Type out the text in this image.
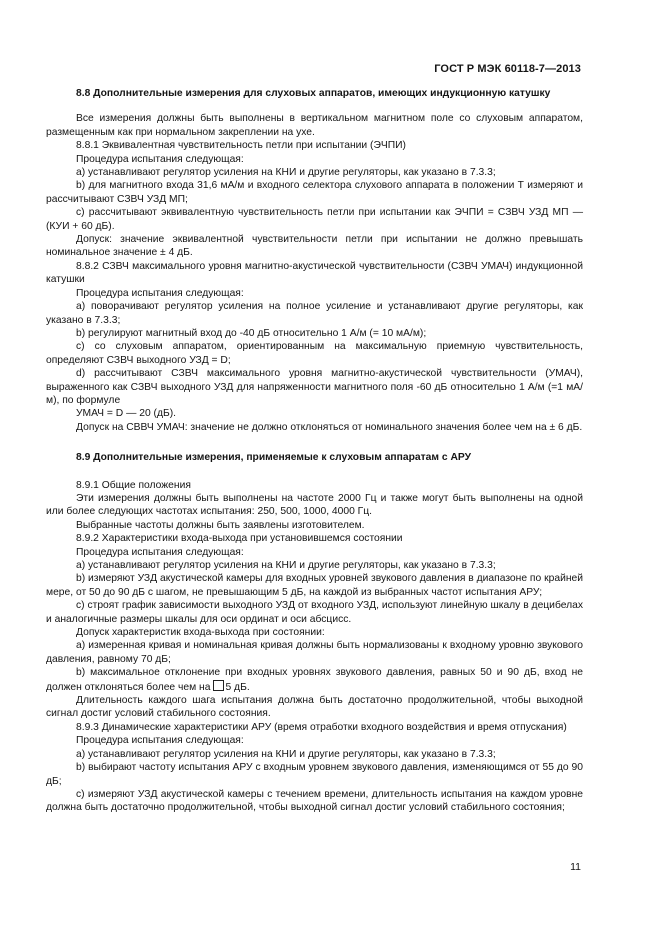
ГОСТ Р МЭК 60118-7—2013

8.8 Дополнительные измерения для слуховых аппаратов, имеющих индукционную катушку

Все измерения должны быть выполнены в вертикальном магнитном поле со слуховым аппаратом, размещенным как при нормальном закреплении на ухе.

8.8.1 Эквивалентная чувствительность петли при испытании (ЭЧПИ)

Процедура испытания следующая:

а) устанавливают регулятор усиления на КНИ и другие регуляторы, как указано в 7.3.3;

b) для магнитного входа 31,6 мА/м и входного селектора слухового аппарата в положении Т измеряют и рассчитывают СЗВЧ УЗД МП;

с) рассчитывают эквивалентную чувствительность петли при испытании как ЭЧПИ = СЗВЧ УЗД МП — (КУИ + 60 дБ).

Допуск: значение эквивалентной чувствительности петли при испытании не должно превышать номинальное значение ± 4 дБ.

8.8.2 СЗВЧ максимального уровня магнитно-акустической чувствительности (СЗВЧ УМАЧ) индукционной катушки

Процедура испытания следующая:

а) поворачивают регулятор усиления на полное усиление и устанавливают другие регуляторы, как указано в 7.3.3;

b) регулируют магнитный вход до -40 дБ относительно 1 А/м (= 10 мА/м);

с) со слуховым аппаратом, ориентированным на максимальную приемную чувствительность, определяют СЗВЧ выходного УЗД = D;

d) рассчитывают СЗВЧ максимального уровня магнитно-акустической чувствительности (УМАЧ), выраженного как СЗВЧ выходного УЗД для напряженности магнитного поля -60 дБ относительно 1 А/м (=1 мА/м), по формуле

УМАЧ = D — 20 (дБ).

Допуск на СВВЧ УМАЧ: значение не должно отклоняться от номинального значения более чем на ± 6 дБ.

8.9 Дополнительные измерения, применяемые к слуховым аппаратам с АРУ

8.9.1 Общие положения

Эти измерения должны быть выполнены на частоте 2000 Гц и также могут быть выполнены на одной или более следующих частотах испытания: 250, 500, 1000, 4000 Гц.

Выбранные частоты должны быть заявлены изготовителем.

8.9.2 Характеристики входа-выхода при установившемся состоянии

Процедура испытания следующая:

а) устанавливают регулятор усиления на КНИ и другие регуляторы, как указано в 7.3.3;

b) измеряют УЗД акустической камеры для входных уровней звукового давления в диапазоне по крайней мере, от 50 до 90 дБ с шагом, не превышающим 5 дБ, на каждой из выбранных частот испытания АРУ;

с) строят график зависимости выходного УЗД от входного УЗД, используют линейную шкалу в децибелах и аналогичные размеры шкалы для оси ординат и оси абсцисс.

Допуск характеристик входа-выхода при состоянии:

а) измеренная кривая и номинальная кривая должны быть нормализованы к входному уровню звукового давления, равному 70 дБ;

b) максимальное отклонение при входных уровнях звукового давления, равных 50 и 90 дБ, вход не должен отклоняться более чем на 5 дБ.

Длительность каждого шага испытания должна быть достаточно продолжительной, чтобы выходной сигнал достиг условий стабильного состояния.

8.9.3 Динамические характеристики АРУ (время отработки входного воздействия и время отпускания)

Процедура испытания следующая:

а) устанавливают регулятор усиления на КНИ и другие регуляторы, как указано в 7.3.3;

b) выбирают частоту испытания АРУ с входным уровнем звукового давления, изменяющимся от 55 до 90 дБ;

с) измеряют УЗД акустической камеры с течением времени, длительность испытания на каждом уровне должна быть достаточно продолжительной, чтобы выходной сигнал достиг условий стабильного состояния;

11
